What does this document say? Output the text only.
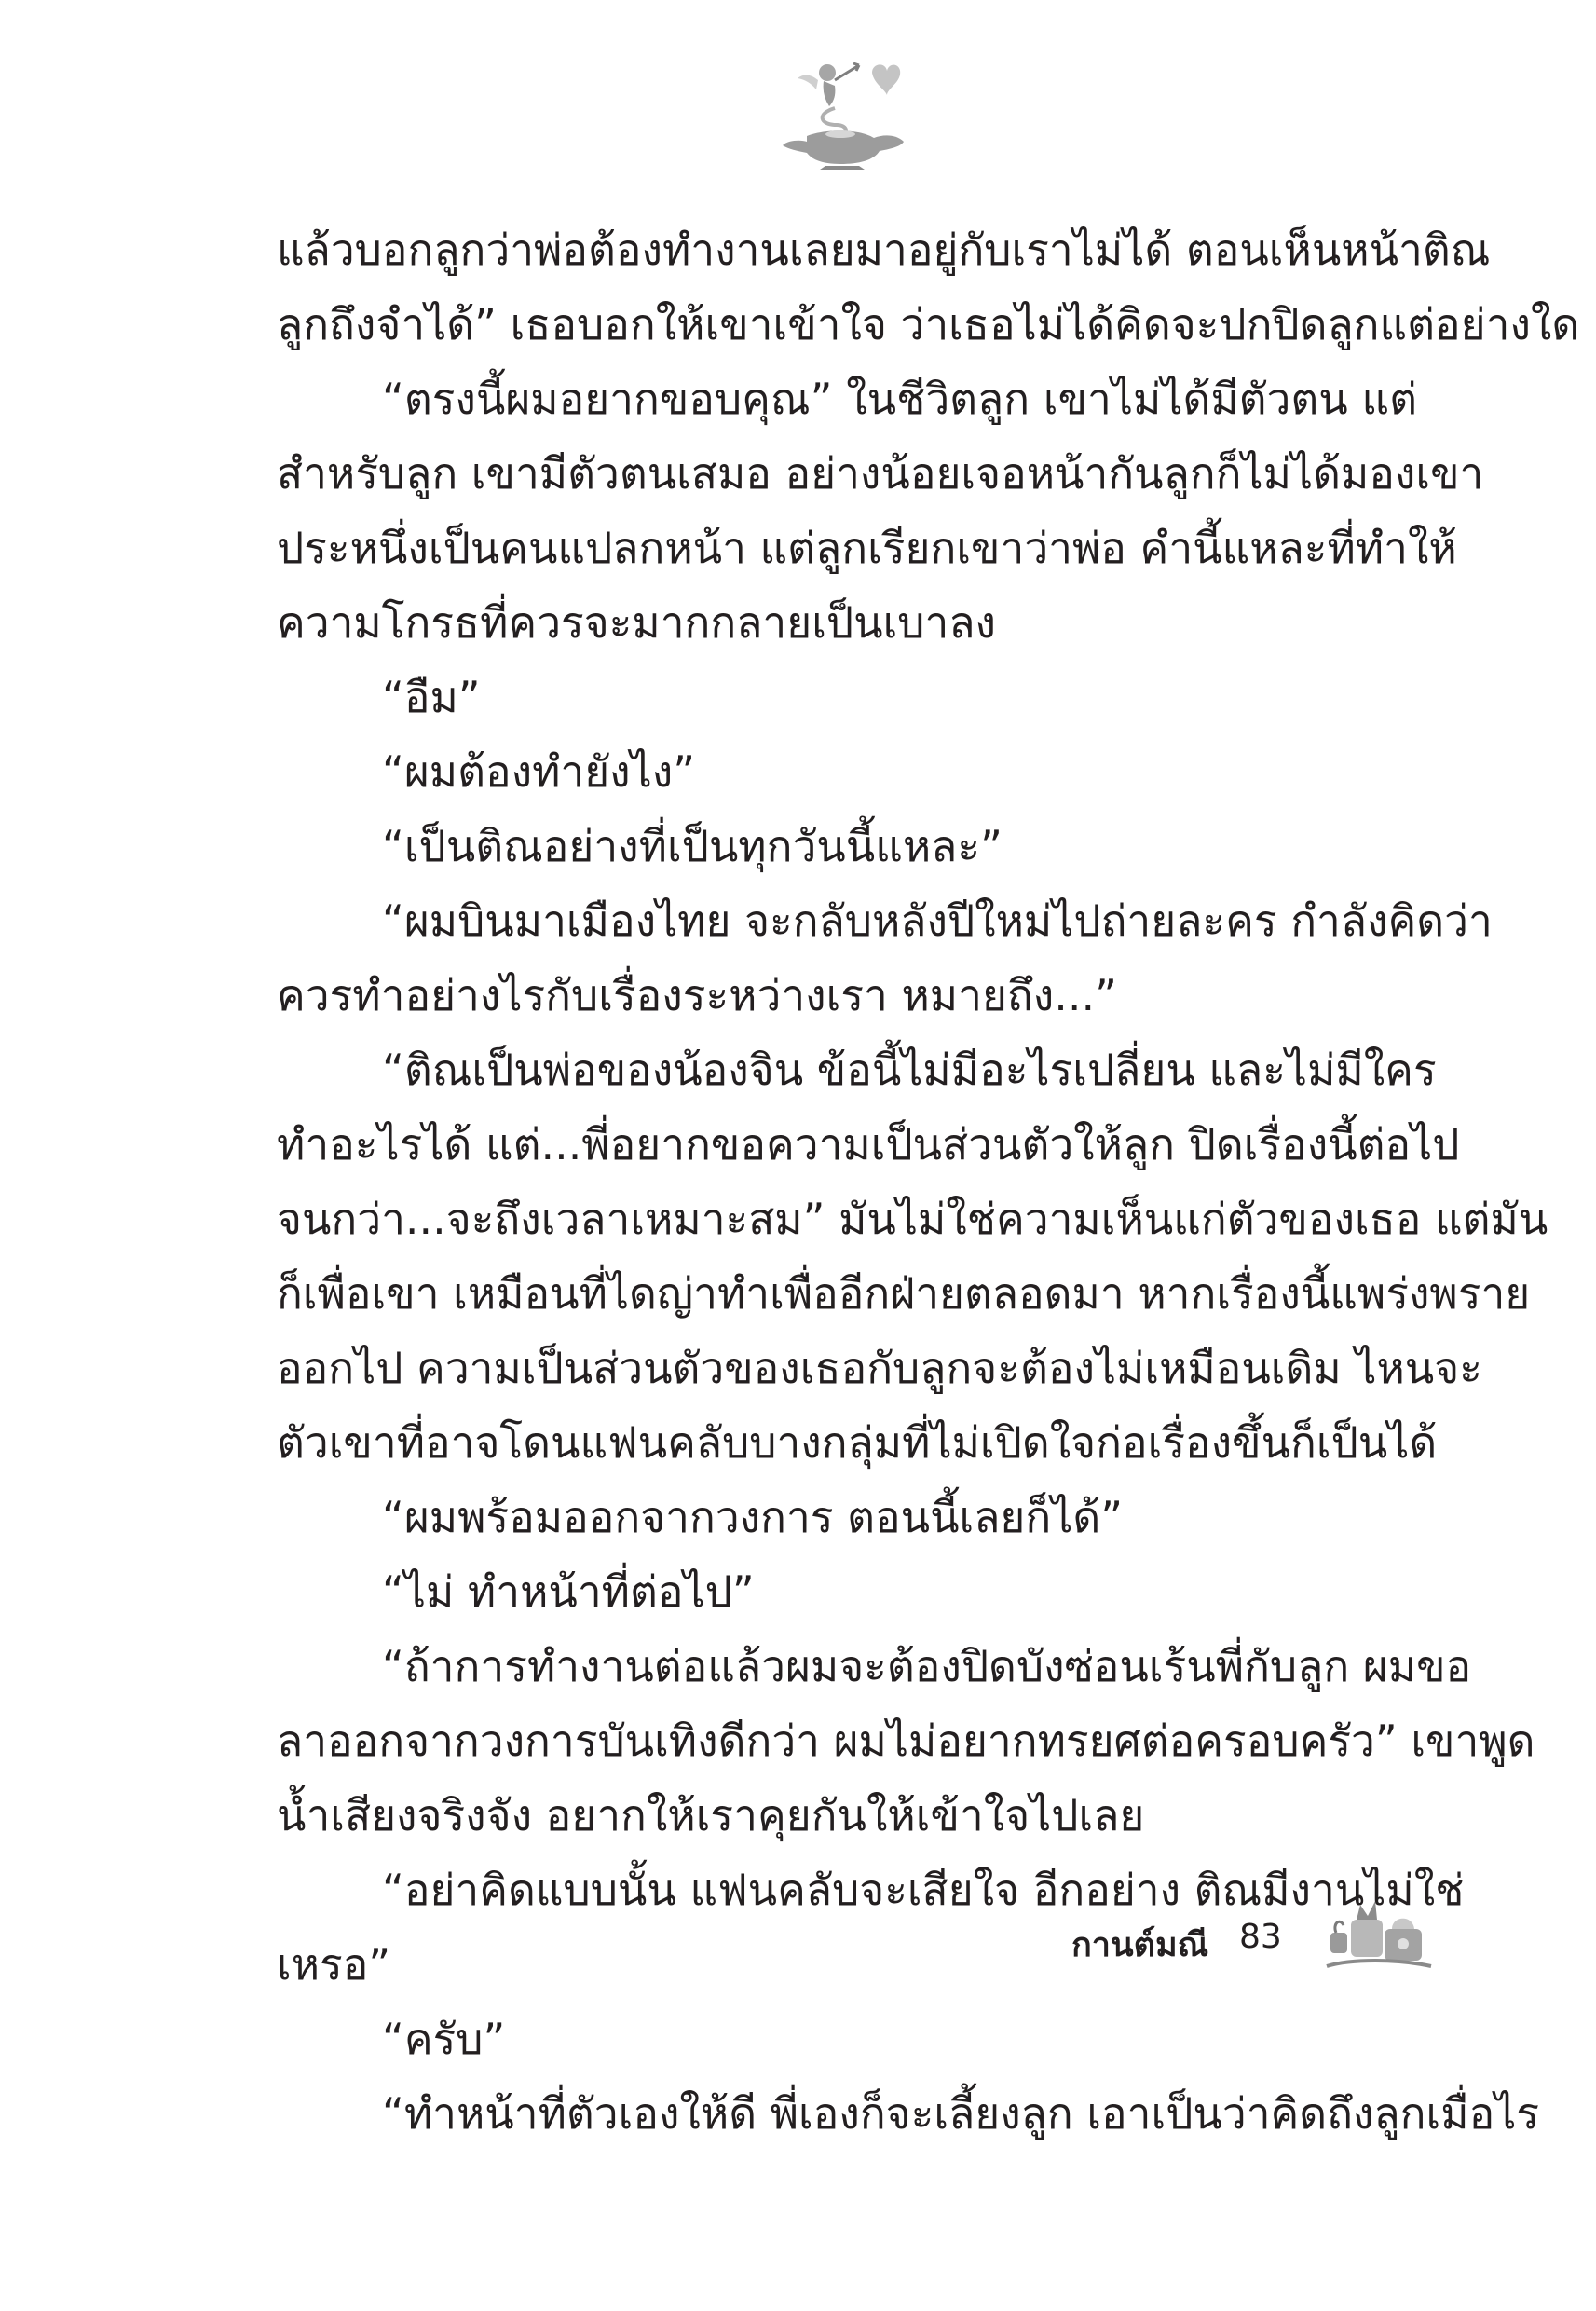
แล้วบอกลูกว่าพ่อต้องทำงานเลยมาอยู่กับเราไม่ได้ ตอนเห็นหน้าติณ
ลูกถึงจำได้” เธอบอกให้เขาเข้าใจ ว่าเธอไม่ได้คิดจะปกปิดลูกแต่อย่างใด
“ตรงนี้ผมอยากขอบคุณ” ในชีวิตลูก เขาไม่ได้มีตัวตน แต่
สำหรับลูก เขามีตัวตนเสมอ อย่างน้อยเจอหน้ากันลูกก็ไม่ได้มองเขา
ประหนึ่งเป็นคนแปลกหน้า แต่ลูกเรียกเขาว่าพ่อ คำนี้แหละที่ทำให้
ความโกรธที่ควรจะมากกลายเป็นเบาลง
“อืม”
“ผมต้องทำยังไง”
“เป็นติณอย่างที่เป็นทุกวันนี้แหละ”
“ผมบินมาเมืองไทย จะกลับหลังปีใหม่ไปถ่ายละคร กำลังคิดว่า
ควรทำอย่างไรกับเรื่องระหว่างเรา หมายถึง...”
“ติณเป็นพ่อของน้องจิน ข้อนี้ไม่มีอะไรเปลี่ยน และไม่มีใคร
ทำอะไรได้ แต่...พี่อยากขอความเป็นส่วนตัวให้ลูก ปิดเรื่องนี้ต่อไป
จนกว่า...จะถึงเวลาเหมาะสม” มันไม่ใช่ความเห็นแก่ตัวของเธอ แต่มัน
ก็เพื่อเขา เหมือนที่ไดญ่าทำเพื่ออีกฝ่ายตลอดมา หากเรื่องนี้แพร่งพราย
ออกไป ความเป็นส่วนตัวของเธอกับลูกจะต้องไม่เหมือนเดิม ไหนจะ
ตัวเขาที่อาจโดนแฟนคลับบางกลุ่มที่ไม่เปิดใจก่อเรื่องขึ้นก็เป็นได้
“ผมพร้อมออกจากวงการ ตอนนี้เลยก็ได้”
“ไม่ ทำหน้าที่ต่อไป”
“ถ้าการทำงานต่อแล้วผมจะต้องปิดบังซ่อนเร้นพี่กับลูก ผมขอ
ลาออกจากวงการบันเทิงดีกว่า ผมไม่อยากทรยศต่อครอบครัว” เขาพูด
น้ำเสียงจริงจัง อยากให้เราคุยกันให้เข้าใจไปเลย
“อย่าคิดแบบนั้น แฟนคลับจะเสียใจ อีกอย่าง ติณมีงานไม่ใช่
เหรอ”
“ครับ”
“ทำหน้าที่ตัวเองให้ดี พี่เองก็จะเลี้ยงลูก เอาเป็นว่าคิดถึงลูกเมื่อไร
กานต์มณี 83
